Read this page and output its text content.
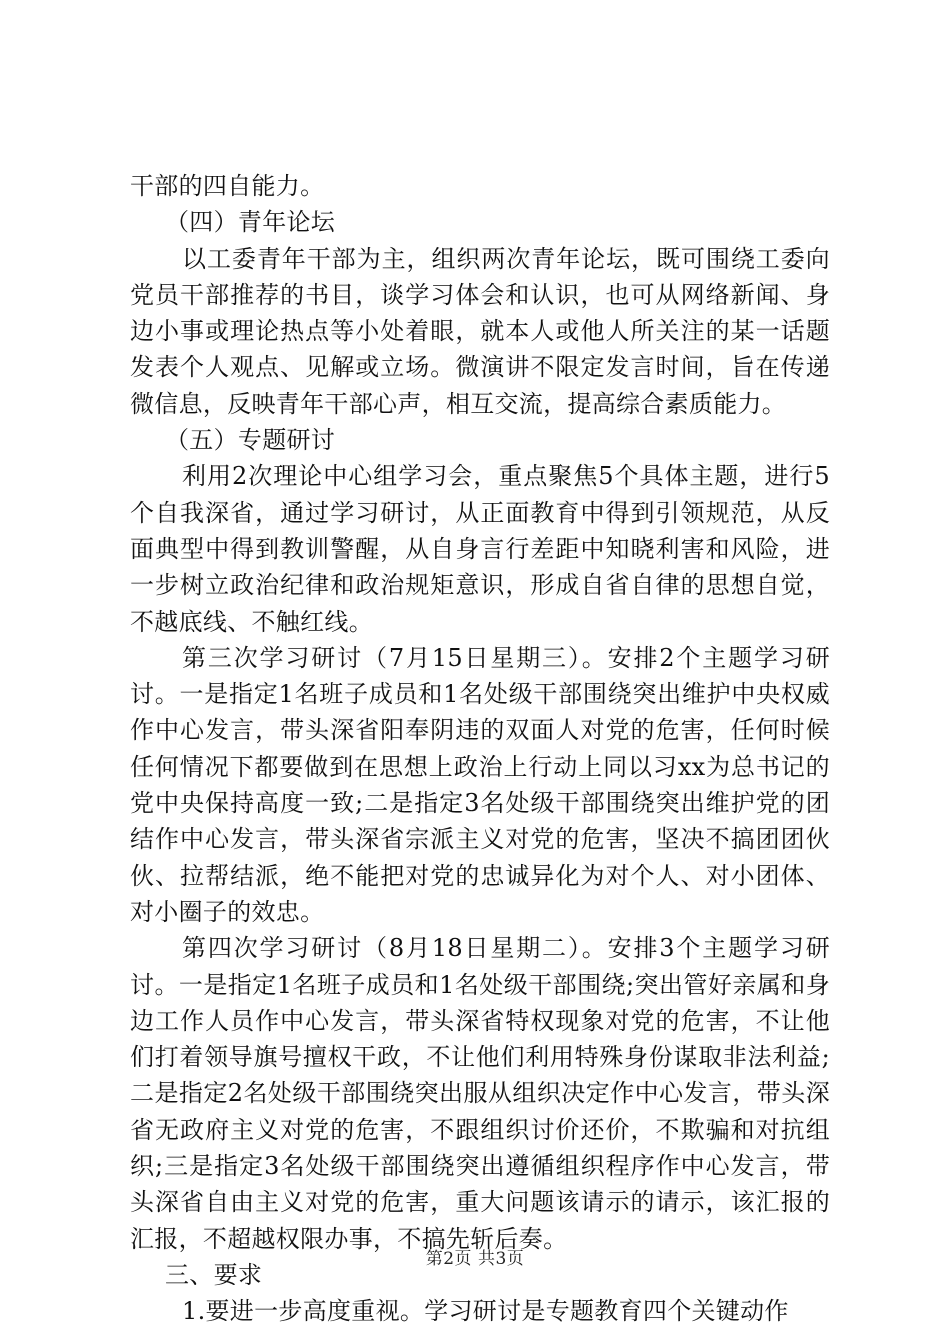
干部的四自能力。

（四）青年论坛

以工委青年干部为主，组织两次青年论坛，既可围绕工委向党员干部推荐的书目，谈学习体会和认识，也可从网络新闻、身边小事或理论热点等小处着眼，就本人或他人所关注的某一话题发表个人观点、见解或立场。微演讲不限定发言时间，旨在传递微信息，反映青年干部心声，相互交流，提高综合素质能力。

（五）专题研讨

利用2次理论中心组学习会，重点聚焦5个具体主题，进行5个自我深省，通过学习研讨，从正面教育中得到引领规范，从反面典型中得到教训警醒，从自身言行差距中知晓利害和风险，进一步树立政治纪律和政治规矩意识，形成自省自律的思想自觉，不越底线、不触红线。

第三次学习研讨（7月15日星期三）。安排2个主题学习研讨。一是指定1名班子成员和1名处级干部围绕突出维护中央权威作中心发言，带头深省阳奉阴违的双面人对党的危害，任何时候任何情况下都要做到在思想上政治上行动上同以习xx为总书记的党中央保持高度一致;二是指定3名处级干部围绕突出维护党的团结作中心发言，带头深省宗派主义对党的危害，坚决不搞团团伙伙、拉帮结派，绝不能把对党的忠诚异化为对个人、对小团体、对小圈子的效忠。

第四次学习研讨（8月18日星期二）。安排3个主题学习研讨。一是指定1名班子成员和1名处级干部围绕;突出管好亲属和身边工作人员作中心发言，带头深省特权现象对党的危害，不让他们打着领导旗号擅权干政，不让他们利用特殊身份谋取非法利益;二是指定2名处级干部围绕突出服从组织决定作中心发言，带头深省无政府主义对党的危害，不跟组织讨价还价，不欺骗和对抗组织;三是指定3名处级干部围绕突出遵循组织程序作中心发言，带头深省自由主义对党的危害，重大问题该请示的请示，该汇报的汇报，不超越权限办事，不搞先斩后奏。

三、要求

1.要进一步高度重视。学习研讨是专题教育四个关键动作

第2页 共3页
